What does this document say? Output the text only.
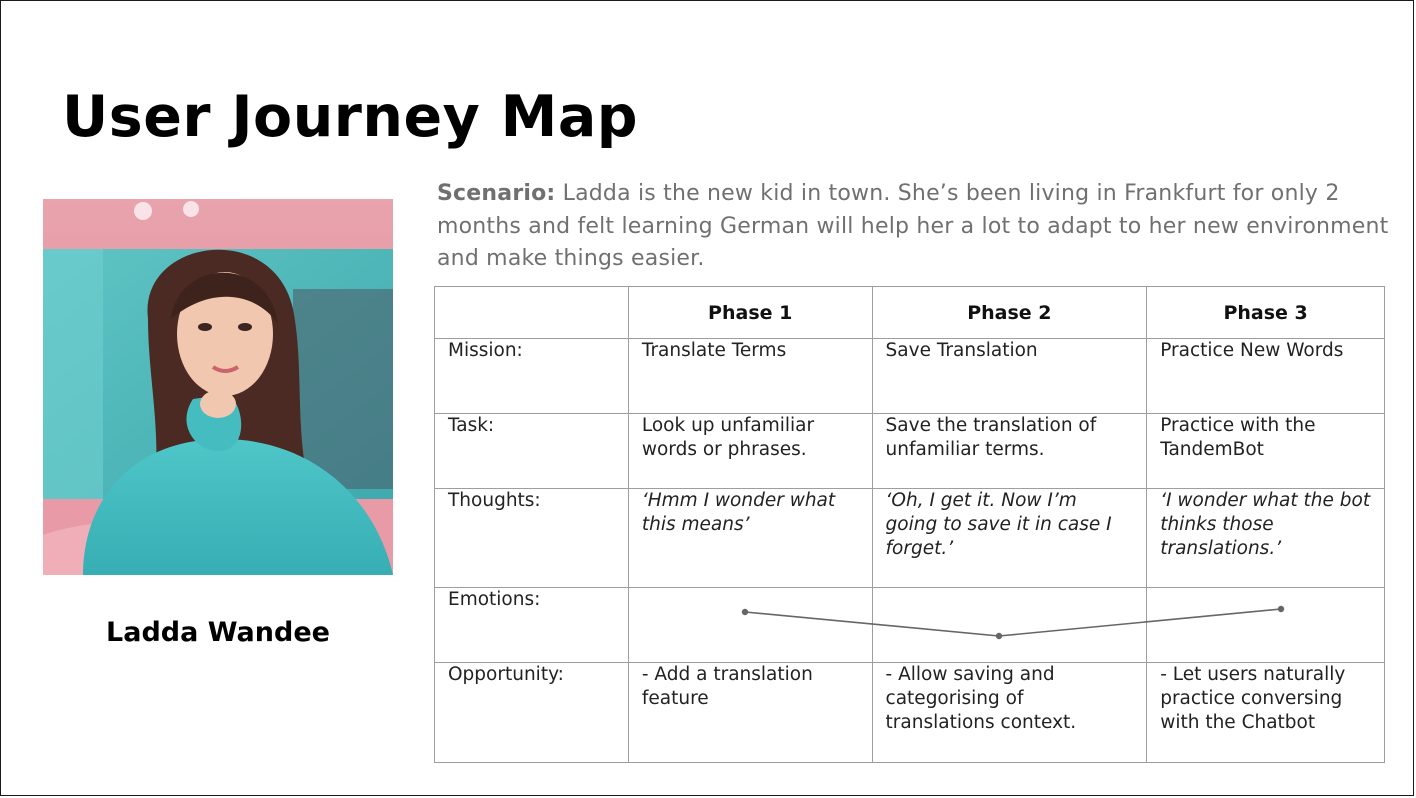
User Journey Map
Ladda Wandee
Scenario: Ladda is the new kid in town. She’s been living in Frankfurt for only 2 months and felt learning German will help her a lot to adapt to her new environment and make things easier.
	Phase 1	Phase 2	Phase 3
Mission:	Translate Terms	Save Translation	Practice New Words
Task:	Look up unfamiliar words or phrases.	Save the translation of unfamiliar terms.	Practice with the TandemBot
Thoughts:	‘Hmm I wonder what this means’	‘Oh, I get it. Now I’m going to save it in case I forget.’	‘I wonder what the bot thinks those translations.’
Emotions:			
Opportunity:	- Add a translation feature	- Allow saving and categorising of translations context.	- Let users naturally practice conversing with the Chatbot
